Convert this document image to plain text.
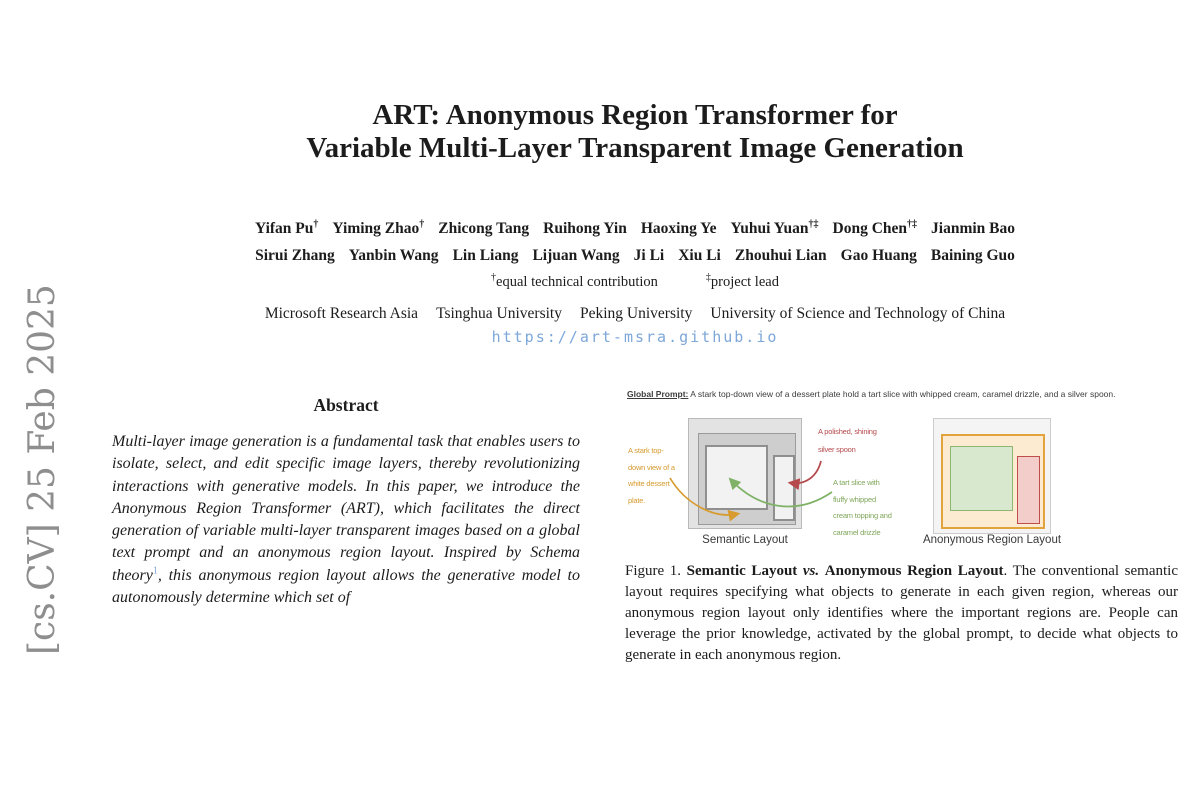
[cs.CV] 25 Feb 2025
ART: Anonymous Region Transformer for
Variable Multi-Layer Transparent Image Generation
Yifan Pu† Yiming Zhao† Zhicong Tang Ruihong Yin Haoxing Ye Yuhui Yuan†‡ Dong Chen†‡ Jianmin Bao
Sirui Zhang Yanbin Wang Lin Liang Lijuan Wang Ji Li Xiu Li Zhouhui Lian Gao Huang Baining Guo
†equal technical contribution	‡project lead
Microsoft Research Asia Tsinghua University Peking University University of Science and Technology of China
https://art-msra.github.io
Abstract
Multi-layer image generation is a fundamental task that enables users to isolate, select, and edit specific image layers, thereby revolutionizing interactions with generative models. In this paper, we introduce the Anonymous Region Transformer (ART), which facilitates the direct generation of variable multi-layer transparent images based on a global text prompt and an anonymous region layout. Inspired by Schema theory$^1$, this anonymous region layout allows the generative model to autonomously determine which set of
Global Prompt: A stark top-down view of a dessert plate hold a tart slice with whipped cream, caramel drizzle, and a silver spoon.
A stark top-
down view of a
white dessert
plate.
A polished, shining
silver spoon
A tart slice with
fluffy whipped
cream topping and
caramel drizzle
Semantic Layout	Anonymous Region Layout
Figure 1. Semantic Layout vs. Anonymous Region Layout. The conventional semantic layout requires specifying what objects to generate in each given region, whereas our anonymous region layout only identifies where the important regions are. People can leverage the prior knowledge, activated by the global prompt, to decide what objects to generate in each anonymous region.
